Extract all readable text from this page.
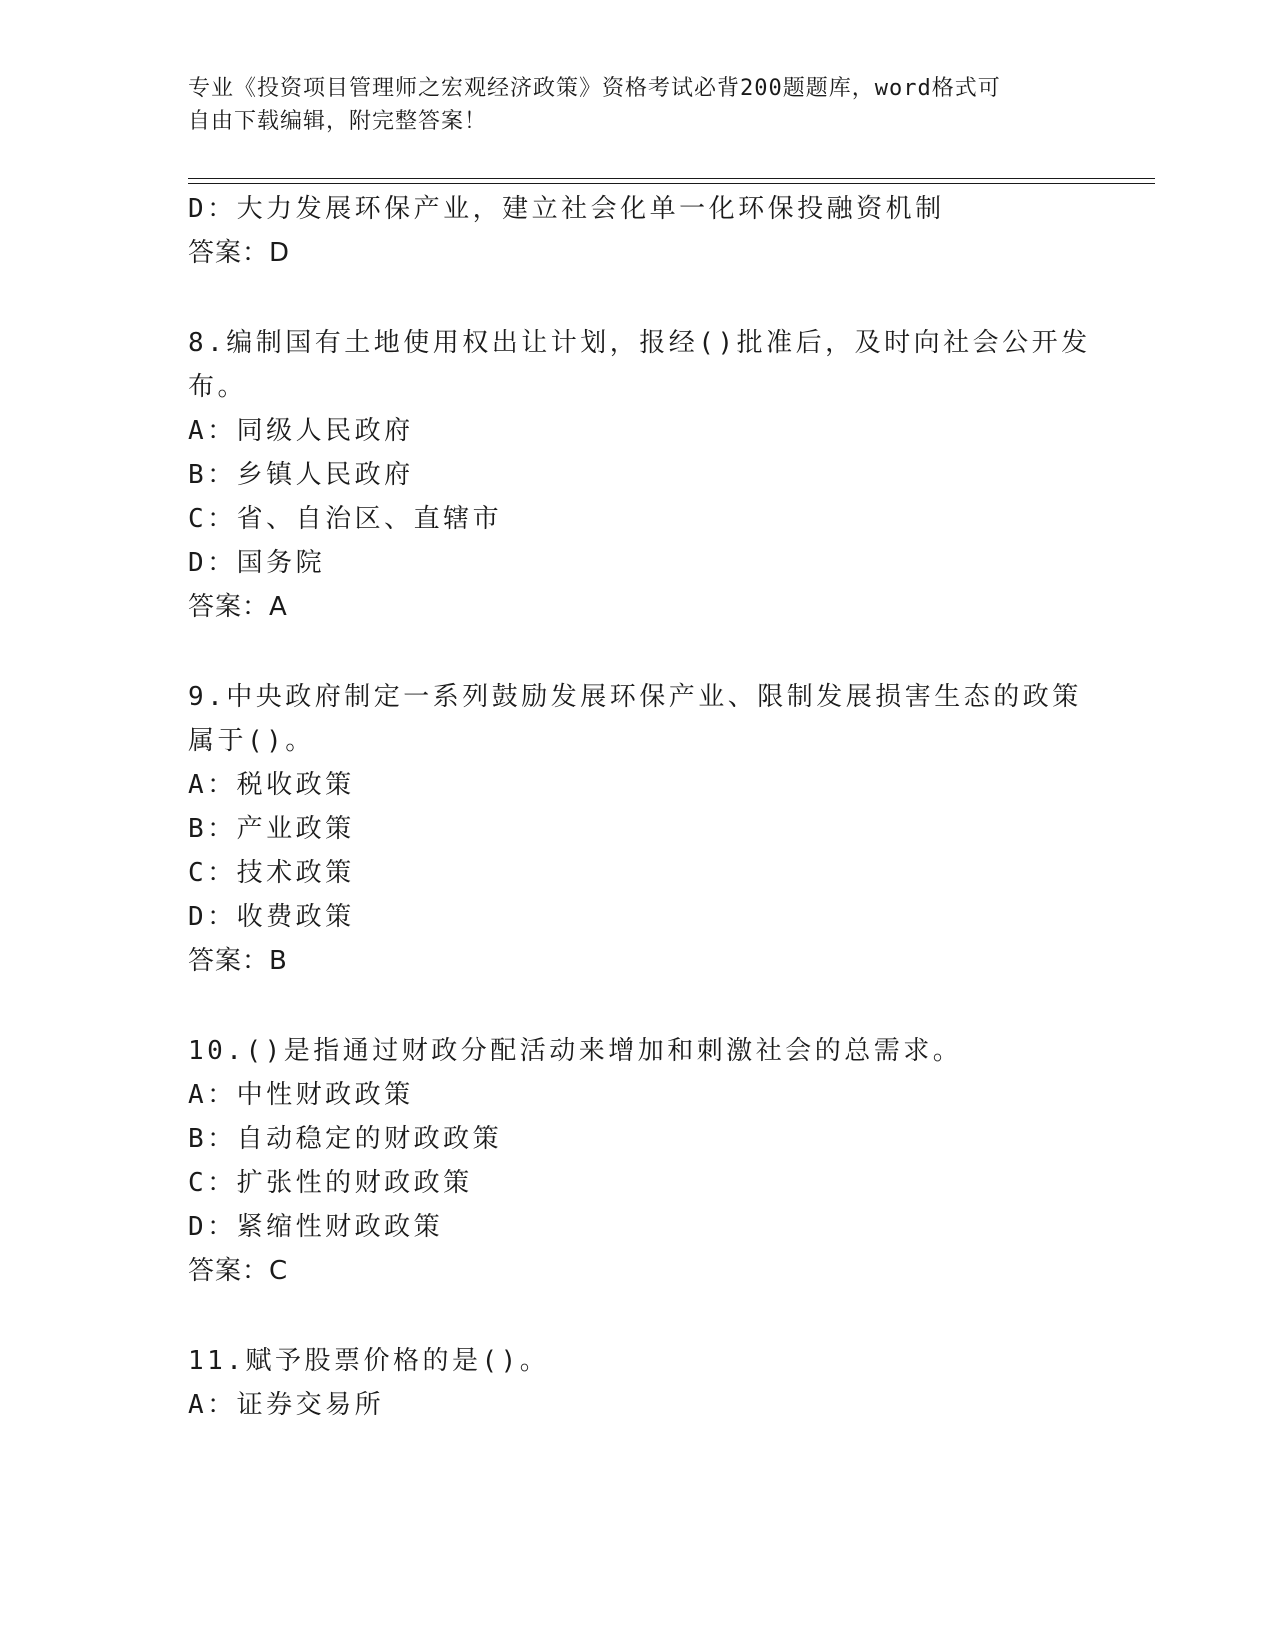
专业《投资项目管理师之宏观经济政策》资格考试必背200题题库，word格式可
自由下载编辑，附完整答案！
D：大力发展环保产业，建立社会化单一化环保投融资机制
答案：D
8.编制国有土地使用权出让计划，报经()批准后，及时向社会公开发
布。
A：同级人民政府
B：乡镇人民政府
C：省、自治区、直辖市
D：国务院
答案：A
9.中央政府制定一系列鼓励发展环保产业、限制发展损害生态的政策
属于()。
A：税收政策
B：产业政策
C：技术政策
D：收费政策
答案：B
10.()是指通过财政分配活动来增加和刺激社会的总需求。
A：中性财政政策
B：自动稳定的财政政策
C：扩张性的财政政策
D：紧缩性财政政策
答案：C
11.赋予股票价格的是()。
A：证券交易所
